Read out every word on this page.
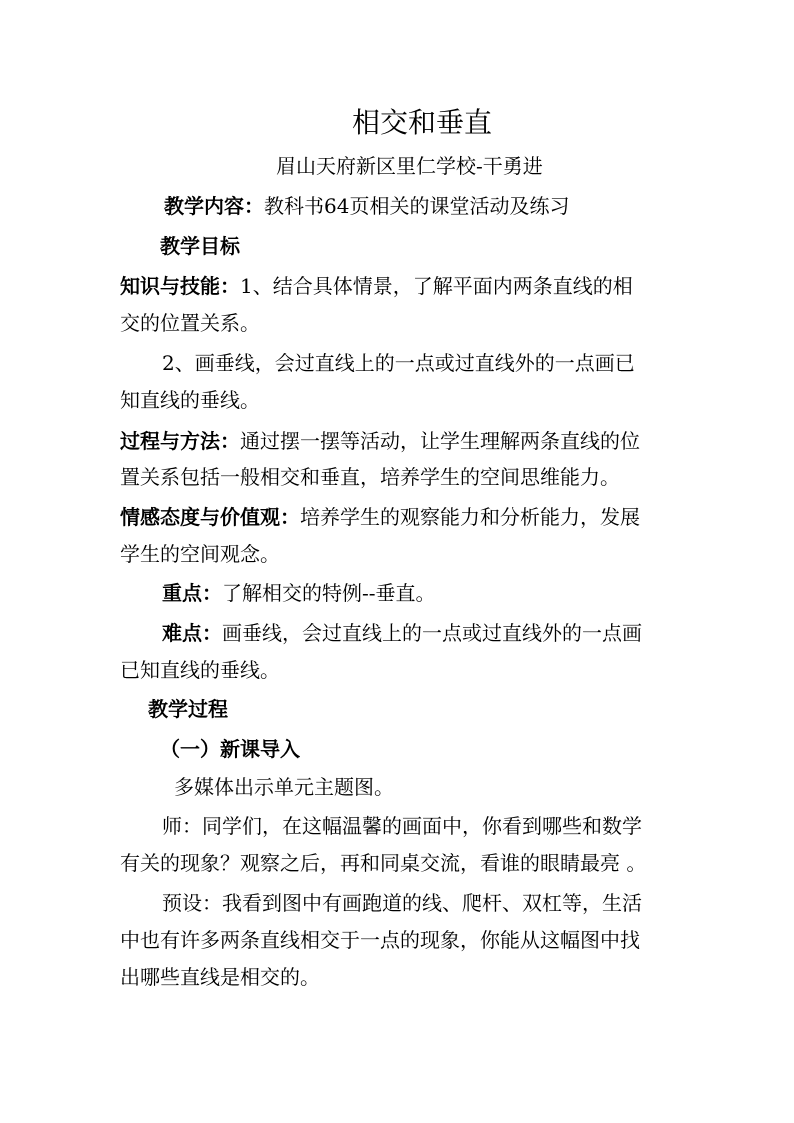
相交和垂直
眉山天府新区里仁学校-干勇进
教学内容：教科书64页相关的课堂活动及练习
教学目标
知识与技能：1、结合具体情景，了解平面内两条直线的相
交的位置关系。
2、画垂线，会过直线上的一点或过直线外的一点画已
知直线的垂线。
过程与方法：通过摆一摆等活动，让学生理解两条直线的位
置关系包括一般相交和垂直，培养学生的空间思维能力。
情感态度与价值观：培养学生的观察能力和分析能力，发展
学生的空间观念。
重点：了解相交的特例--垂直。
难点：画垂线，会过直线上的一点或过直线外的一点画
已知直线的垂线。
教学过程
（一）新课导入
多媒体出示单元主题图。
师：同学们，在这幅温馨的画面中，你看到哪些和数学
有关的现象？观察之后，再和同桌交流，看谁的眼睛最亮 。
预设：我看到图中有画跑道的线、爬杆、双杠等，生活
中也有许多两条直线相交于一点的现象，你能从这幅图中找
出哪些直线是相交的。
